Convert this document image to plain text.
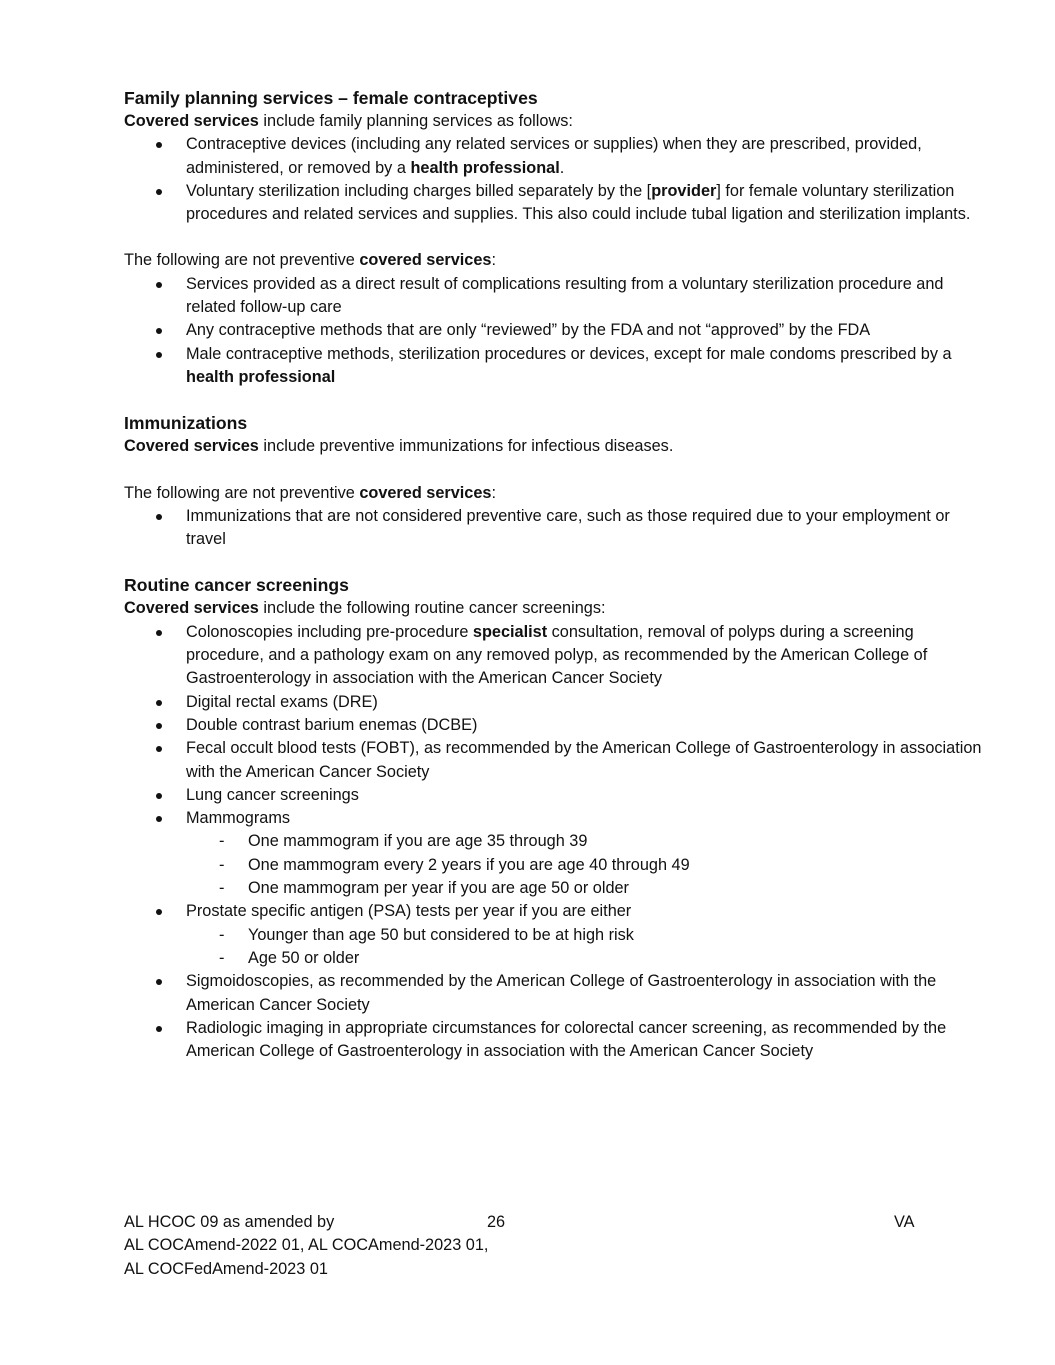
Family planning services – female contraceptives

Covered services include family planning services as follows:

Contraceptive devices (including any related services or supplies) when they are prescribed, provided, administered, or removed by a health professional.
Voluntary sterilization including charges billed separately by the [provider] for female voluntary sterilization procedures and related services and supplies. This also could include tubal ligation and sterilization implants.

The following are not preventive covered services:

Services provided as a direct result of complications resulting from a voluntary sterilization procedure and related follow-up care
Any contraceptive methods that are only “reviewed” by the FDA and not “approved” by the FDA
Male contraceptive methods, sterilization procedures or devices, except for male condoms prescribed by a health professional
Immunizations

Covered services include preventive immunizations for infectious diseases.

The following are not preventive covered services:

Immunizations that are not considered preventive care, such as those required due to your employment or travel
Routine cancer screenings

Covered services include the following routine cancer screenings:

Colonoscopies including pre-procedure specialist consultation, removal of polyps during a screening procedure, and a pathology exam on any removed polyp, as recommended by the American College of Gastroenterology in association with the American Cancer Society
Digital rectal exams (DRE)
Double contrast barium enemas (DCBE)
Fecal occult blood tests (FOBT), as recommended by the American College of Gastroenterology in association with the American Cancer Society
Lung cancer screenings
Mammograms
- One mammogram if you are age 35 through 39
- One mammogram every 2 years if you are age 40 through 49
- One mammogram per year if you are age 50 or older
Prostate specific antigen (PSA) tests per year if you are either
- Younger than age 50 but considered to be at high risk
- Age 50 or older
Sigmoidoscopies, as recommended by the American College of Gastroenterology in association with the American Cancer Society
Radiologic imaging in appropriate circumstances for colorectal cancer screening, as recommended by the American College of Gastroenterology in association with the American Cancer Society
AL HCOC 09 as amended by
AL COCAmend-2022 01, AL COCAmend-2023 01,
AL COCFedAmend-2023 01
26	VA
